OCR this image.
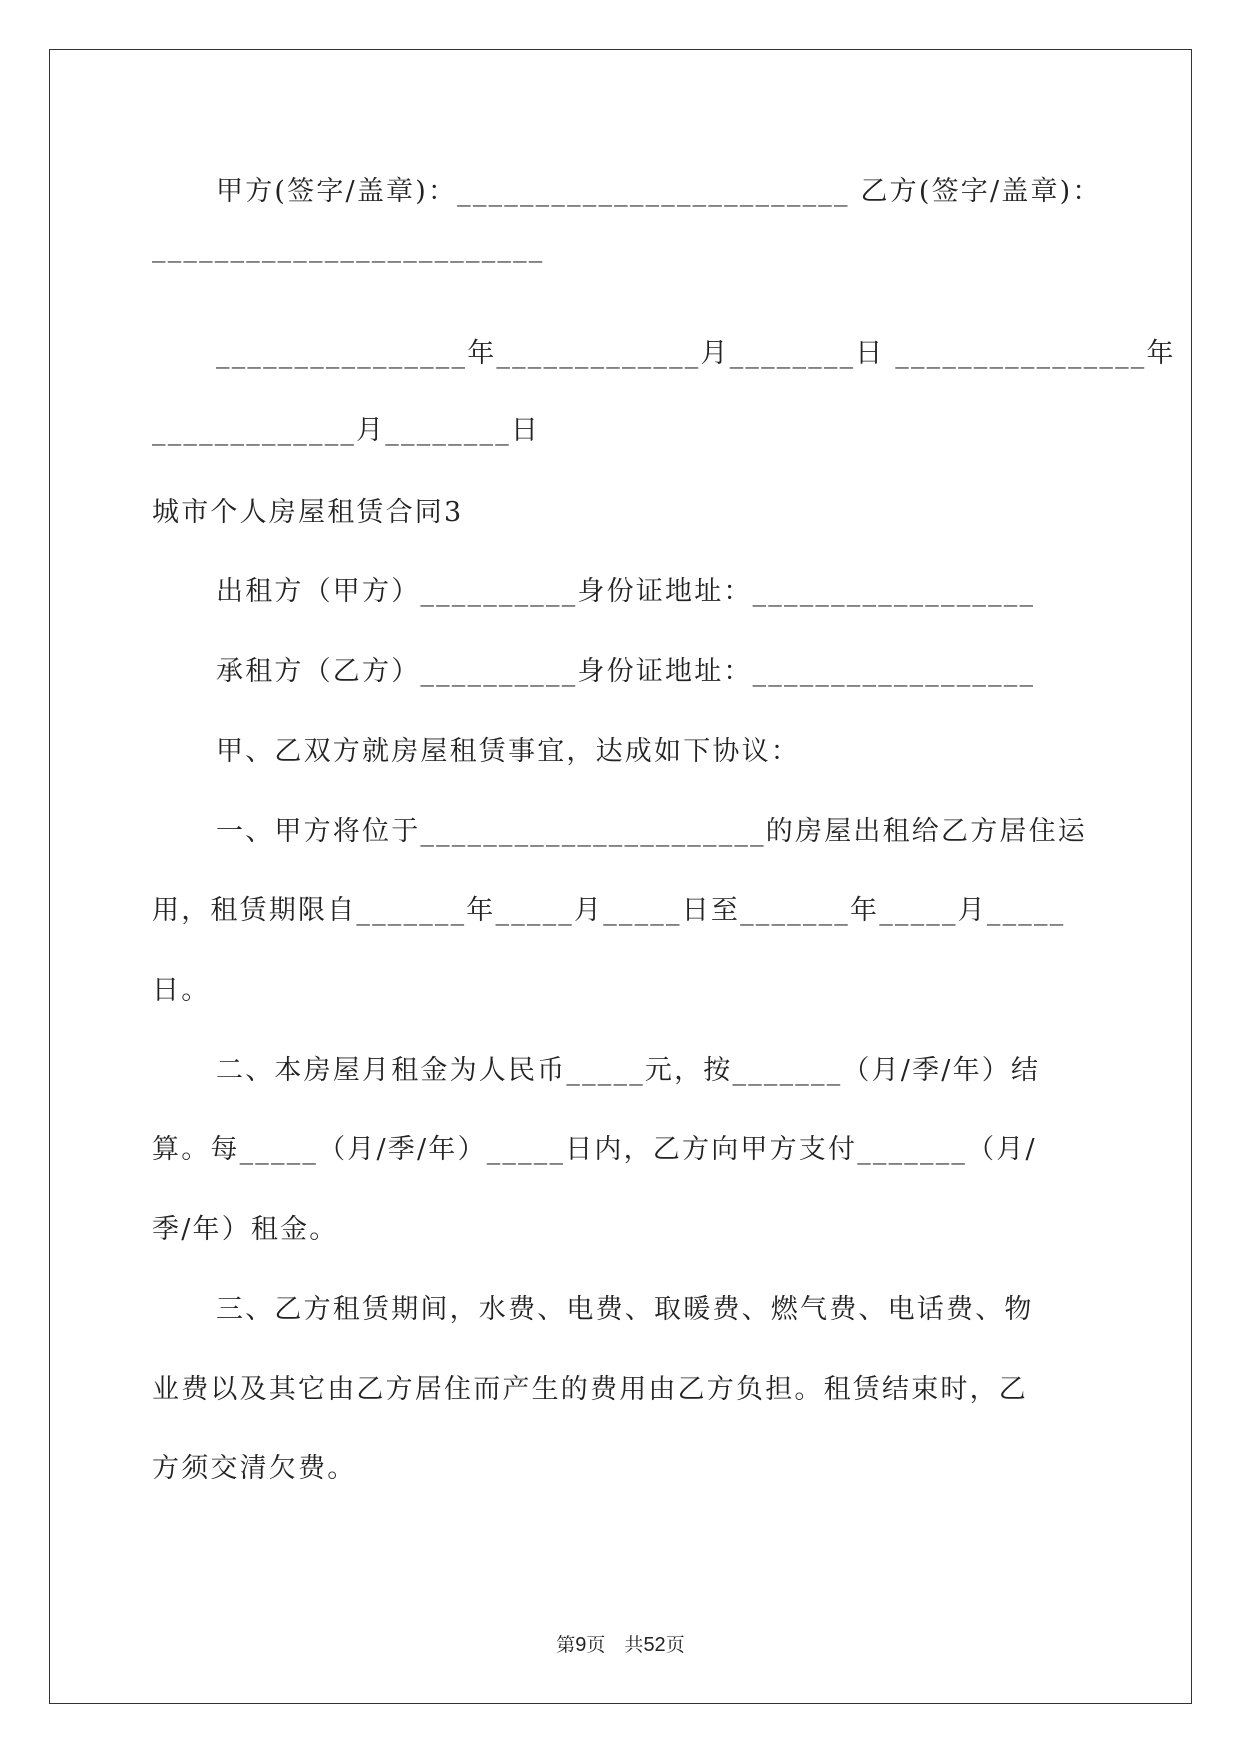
甲方(签字/盖章)：_________________________ 乙方(签字/盖章)：
_________________________
________________年_____________月________日 ________________年
_____________月________日
城市个人房屋租赁合同3
出租方（甲方）__________身份证地址：__________________
承租方（乙方）__________身份证地址：__________________
甲、乙双方就房屋租赁事宜，达成如下协议：
一、甲方将位于______________________的房屋出租给乙方居住运
用，租赁期限自_______年_____月_____日至_______年_____月_____
日。
二、本房屋月租金为人民币_____元，按_______（月/季/年）结
算。每_____（月/季/年）_____日内，乙方向甲方支付_______（月/
季/年）租金。
三、乙方租赁期间，水费、电费、取暖费、燃气费、电话费、物
业费以及其它由乙方居住而产生的费用由乙方负担。租赁结束时，乙
方须交清欠费。
第9页　共52页
